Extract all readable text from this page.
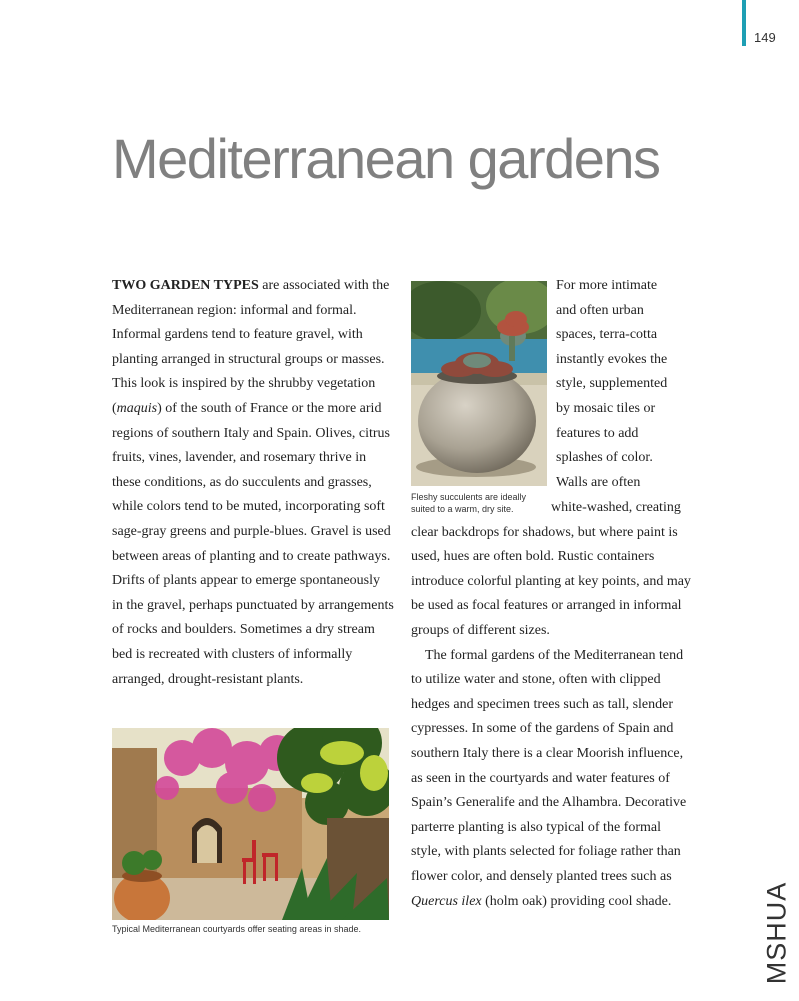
149
Mediterranean gardens

TWO GARDEN TYPES are associated with the Mediterranean region: informal and formal. Informal gardens tend to feature gravel, with planting arranged in structural groups or masses. This look is inspired by the shrubby vegetation (maquis) of the south of France or the more arid regions of southern Italy and Spain. Olives, citrus fruits, vines, lavender, and rosemary thrive in these conditions, as do succulents and grasses, while colors tend to be muted, incorporating soft sage-gray greens and purple-blues. Gravel is used between areas of planting and to create pathways. Drifts of plants appear to emerge spontaneously in the gravel, perhaps punctuated by arrangements of rocks and boulders. Sometimes a dry stream bed is recreated with clusters of informally arranged, drought-resistant plants.

Fleshy succulents are ideally suited to a warm, dry site.
For more intimate
and often urban
spaces, terra-cotta
instantly evokes the
style, supplemented
by mosaic tiles or
features to add
splashes of color.
Walls are often

white-washed, creating clear backdrops for shadows, but where paint is used, hues are often bold. Rustic containers introduce colorful planting at key points, and may be used as focal features or arranged in informal groups of different sizes.

The formal gardens of the Mediterranean tend to utilize water and stone, often with clipped hedges and specimen trees such as tall, slender cypresses. In some of the gardens of Spain and southern Italy there is a clear Moorish influence, as seen in the courtyards and water features of Spain’s Generalife and the Alhambra. Decorative parterre planting is also typical of the formal style, with plants selected for foliage rather than flower color, and densely planted trees such as Quercus ilex (holm oak) providing cool shade.

Typical Mediterranean courtyards offer seating areas in shade.	MSHUA
